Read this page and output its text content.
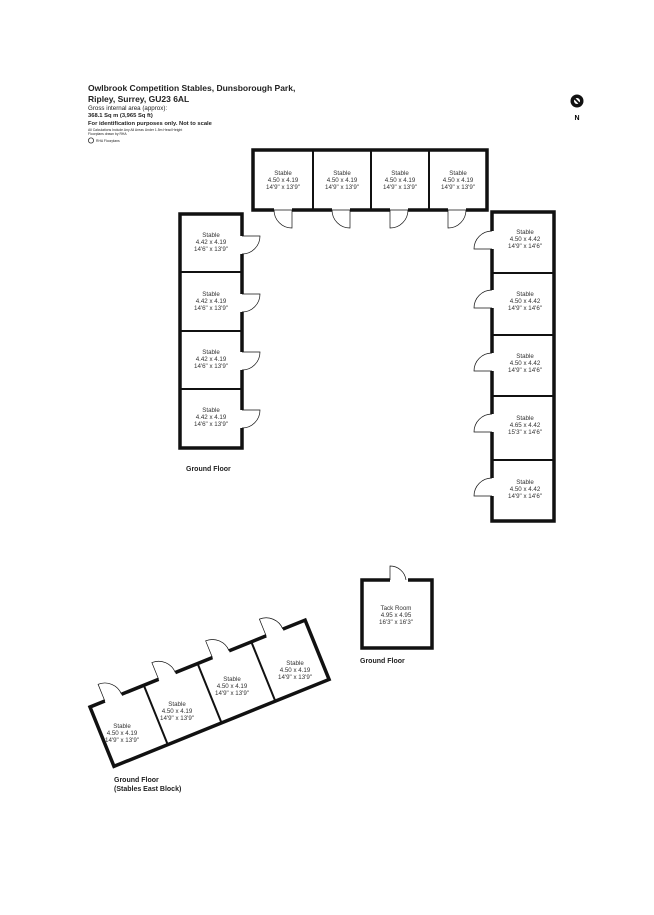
Owlbrook Competition Stables, Dunsborough Park,
Ripley, Surrey, GU23 6AL
Gross internal area (approx):
368.1 Sq m (3,965 Sq ft)
For identification purposes only. Not to scale
All Calculations Include Any All Areas Under 1.5m Head Height
Floorplans drawn by RHA
RHA Floorplans
N
Stable
4.50 x 4.19
14'9" x 13'9"
Stable
4.50 x 4.19
14'9" x 13'9"
Stable
4.50 x 4.19
14'9" x 13'9"
Stable
4.50 x 4.19
14'9" x 13'9"
Stable
4.42 x 4.19
14'6" x 13'9"
Stable
4.42 x 4.19
14'6" x 13'9"
Stable
4.42 x 4.19
14'6" x 13'9"
Stable
4.42 x 4.19
14'6" x 13'9"
Stable
4.50 x 4.42
14'9" x 14'6"
Stable
4.50 x 4.42
14'9" x 14'6"
Stable
4.50 x 4.42
14'9" x 14'6"
Stable
4.65 x 4.42
15'3" x 14'6"
Stable
4.50 x 4.42
14'9" x 14'6"
Tack Room
4.95 x 4.95
16'3" x 16'3"
Stable
4.50 x 4.19
14'9" x 13'9"
Stable
4.50 x 4.19
14'9" x 13'9"
Stable
4.50 x 4.19
14'9" x 13'9"
Stable
4.50 x 4.19
14'9" x 13'9"
Ground Floor
Ground Floor
Ground Floor
(Stables East Block)
